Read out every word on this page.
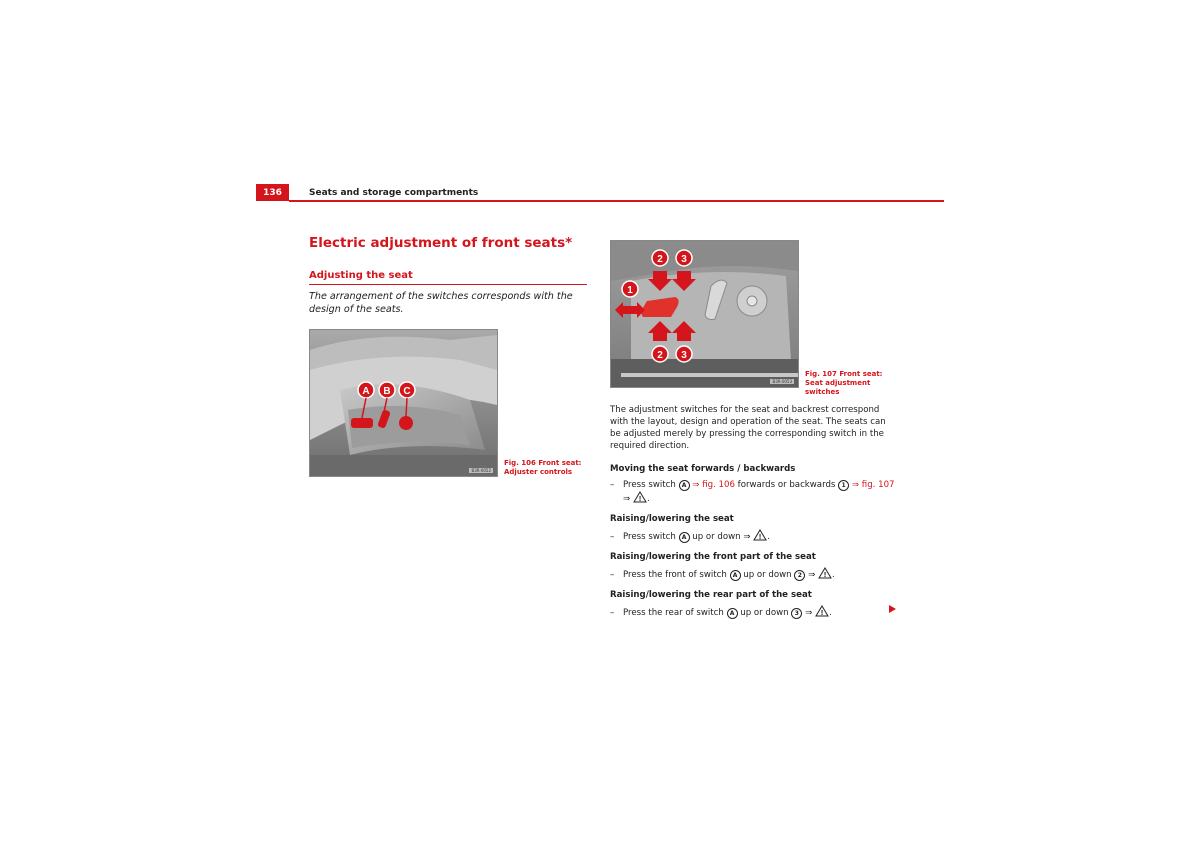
136	Seats and storage compartments
Electric adjustment of front seats*
Adjusting the seat
The arrangement of the switches corresponds with the design of the seats.
A B C
B3R-0052
Fig. 106 Front seat: Adjuster controls
2 3
1
2 3
B3R-0053
Fig. 107 Front seat: Seat adjustment switches
The adjustment switches for the seat and backrest correspond with the layout, design and operation of the seat. The seats can be adjusted merely by pressing the corresponding switch in the required direction.
Moving the seat forwards / backwards
– Press switch A ⇒ fig. 106 forwards or backwards 1 ⇒ fig. 107
⇒ ! .
Raising/lowering the seat
– Press switch A up or down ⇒ ! .
Raising/lowering the front part of the seat
– Press the front of switch A up or down 2 ⇒ ! .
Raising/lowering the rear part of the seat
– Press the rear of switch A up or down 3 ⇒ ! .
